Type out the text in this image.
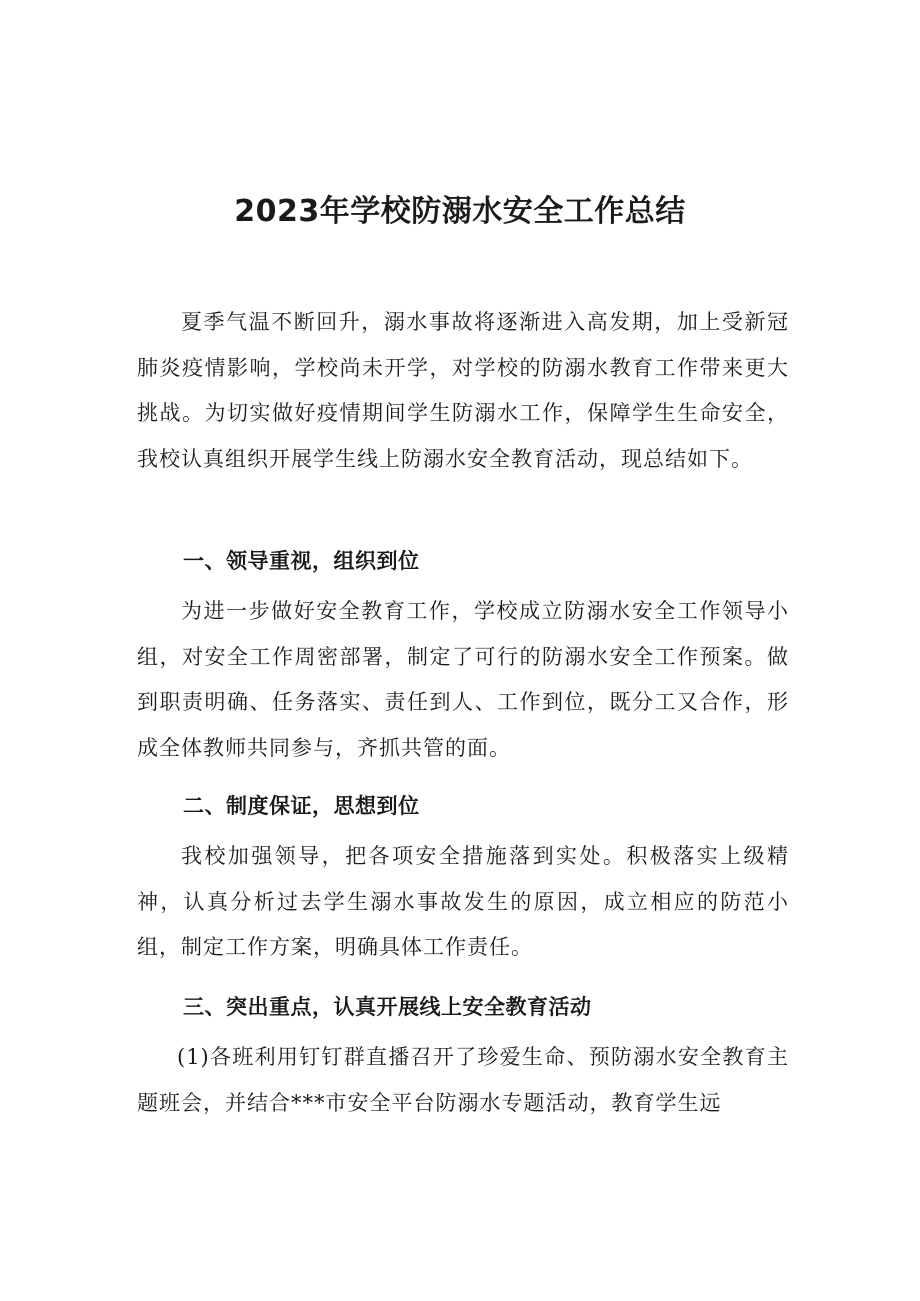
2023年学校防溺水安全工作总结

夏季气温不断回升，溺水事故将逐渐进入高发期，加上受新冠肺炎疫情影响，学校尚未开学，对学校的防溺水教育工作带来更大挑战。为切实做好疫情期间学生防溺水工作，保障学生生命安全，我校认真组织开展学生线上防溺水安全教育活动，现总结如下。

一、领导重视，组织到位

为进一步做好安全教育工作，学校成立防溺水安全工作领导小组，对安全工作周密部署，制定了可行的防溺水安全工作预案。做到职责明确、任务落实、责任到人、工作到位，既分工又合作，形成全体教师共同参与，齐抓共管的面。

二、制度保证，思想到位

我校加强领导，把各项安全措施落到实处。积极落实上级精神，认真分析过去学生溺水事故发生的原因，成立相应的防范小组，制定工作方案，明确具体工作责任。

三、突出重点，认真开展线上安全教育活动

(1)各班利用钉钉群直播召开了珍爱生命、预防溺水安全教育主题班会，并结合***市安全平台防溺水专题活动，教育学生远
